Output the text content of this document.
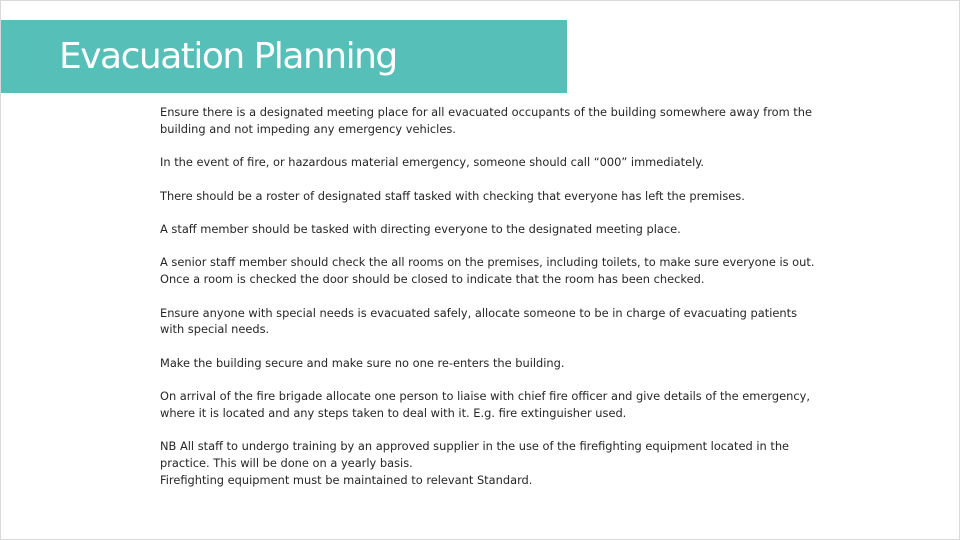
Evacuation Planning

Ensure there is a designated meeting place for all evacuated occupants of the building somewhere away from the building and not impeding any emergency vehicles.

In the event of fire, or hazardous material emergency, someone should call “000” immediately.

There should be a roster of designated staff tasked with checking that everyone has left the premises.

A staff member should be tasked with directing everyone to the designated meeting place.

A senior staff member should check the all rooms on the premises, including toilets, to make sure everyone is out.
Once a room is checked the door should be closed to indicate that the room has been checked.

Ensure anyone with special needs is evacuated safely, allocate someone to be in charge of evacuating patients with special needs.

Make the building secure and make sure no one re-enters the building.

On arrival of the fire brigade allocate one person to liaise with chief fire officer and give details of the emergency, where it is located and any steps taken to deal with it. E.g. fire extinguisher used.

NB All staff to undergo training by an approved supplier in the use of the firefighting equipment located in the practice. This will be done on a yearly basis.
Firefighting equipment must be maintained to relevant Standard.
